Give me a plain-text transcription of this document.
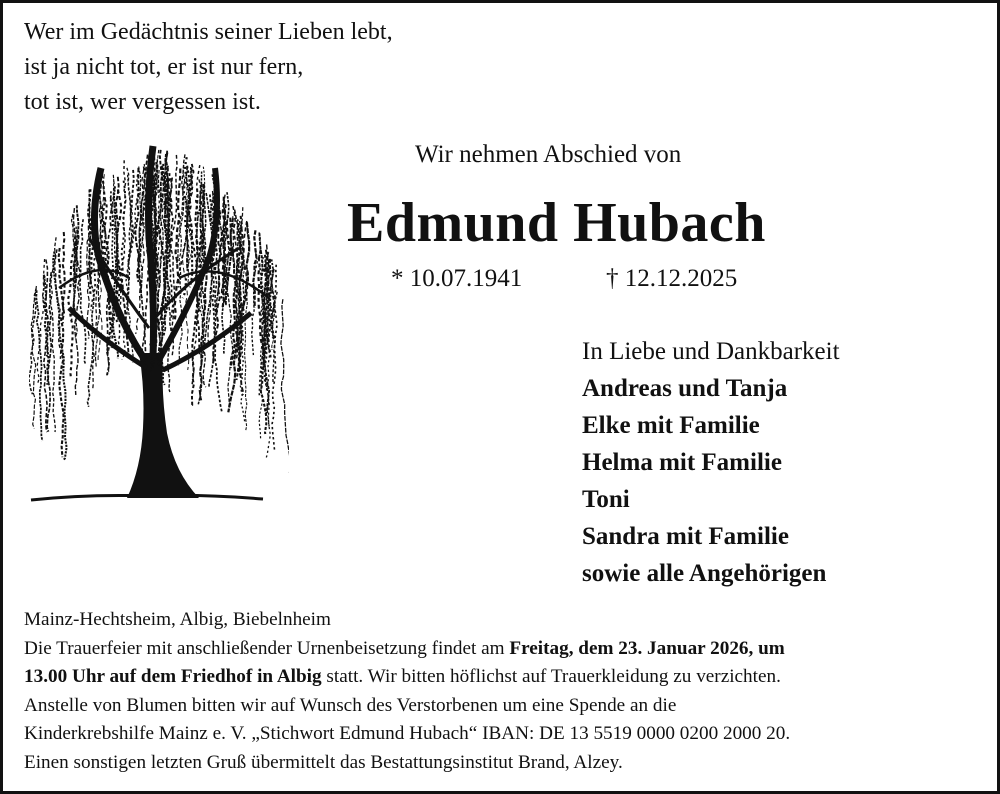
Wer im Gedächtnis seiner Lieben lebt,
ist ja nicht tot, er ist nur fern,
tot ist, wer vergessen ist.
Wir nehmen Abschied von
Edmund Hubach
* 10.07.1941	† 12.12.2025
In Liebe und Dankbarkeit
Andreas und Tanja
Elke mit Familie
Helma mit Familie
Toni
Sandra mit Familie
sowie alle Angehörigen
Mainz-Hechtsheim, Albig, Biebelnheim
Die Trauerfeier mit anschließender Urnenbeisetzung findet am Freitag, dem 23. Januar 2026, um
13.00 Uhr auf dem Friedhof in Albig statt. Wir bitten höflichst auf Trauerkleidung zu verzichten.
Anstelle von Blumen bitten wir auf Wunsch des Verstorbenen um eine Spende an die
Kinderkrebshilfe Mainz e. V. „Stichwort Edmund Hubach“ IBAN: DE 13 5519 0000 0200 2000 20.
Einen sonstigen letzten Gruß übermittelt das Bestattungsinstitut Brand, Alzey.
